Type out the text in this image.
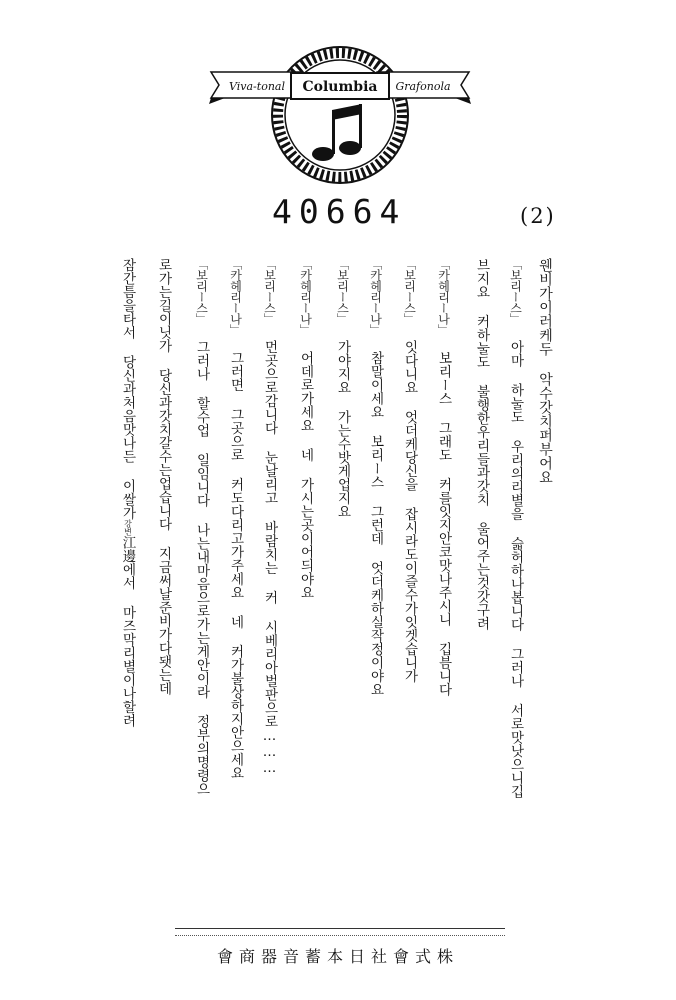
Columbia
Viva-tonal	Grafonola
40664	(2)
웬비가이러케두 악수갓치퍼부어요
「보리ー스」 아마 하눌도 우리의리별을 슯허하나봅니다 그러나 서로맛낫으니깁
브지요 커하눌도 불행한우리들과갓치 울어주는것갓구려
「카헤리ー나」 보리ー스 그래도 커를잇지안코맛나주시니 깁븜니다
「보리ー스」 잇다니요 엇더케당신을 잡시라도이즐수가잇겟습니가
「카헤리ー나」 참말이세요 보리ー스 그런데 엇더케하실작정이야요
「보리ー스」 가야지요 가는수밧게업지요
「카헤리ー나」 어데로가세요 네 가시는곳이어듸야요
「보리ー스」 먼곳으로감니다 눈날리고 바람치는 커 시베리아벌판으로………
「카헤리ー나」 그러면 그곳으로 커도다리고가주세요 네 커가불상하지안으세요
「보리ー스」 그러나 할수업 일임니다 나는내마음으로가는게안이라 정부의명령으
로가는길이닛가 당신과갓치갈수는업습니다 지금써날준비가다됏는데
잠간틈을타서 당신과처음맛나든 이쌀가강변江邊에서 마즈막리별이나할려
會商器音蓄本日社會式株
